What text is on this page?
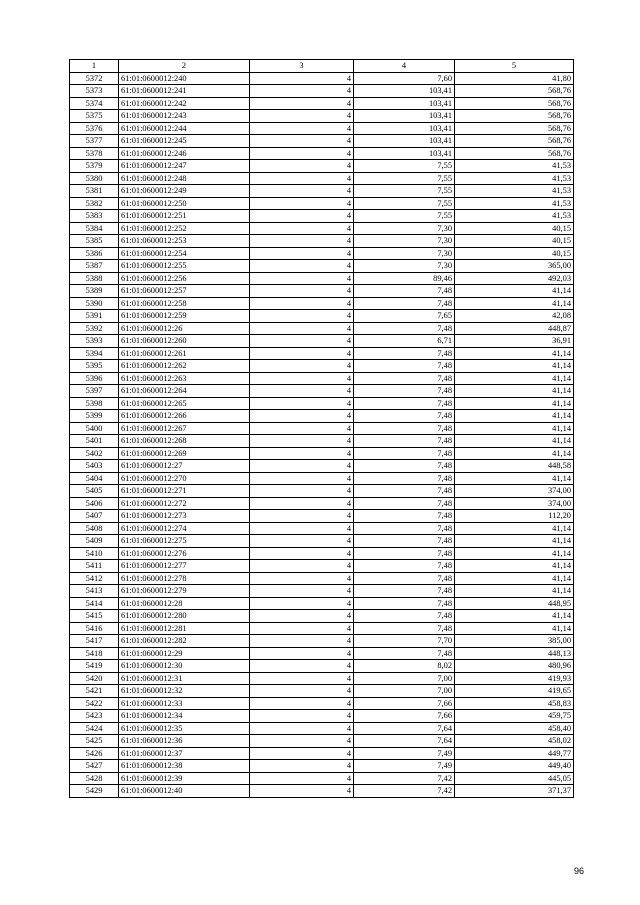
1	2	3	4	5
5372	61:01:0600012:240	4	7,60	41,80
5373	61:01:0600012:241	4	103,41	568,76
5374	61:01:0600012:242	4	103,41	568,76
5375	61:01:0600012:243	4	103,41	568,76
5376	61:01:0600012:244	4	103,41	568,76
5377	61:01:0600012:245	4	103,41	568,76
5378	61:01:0600012:246	4	103,41	568,76
5379	61:01:0600012:247	4	7,55	41,53
5380	61:01:0600012:248	4	7,55	41,53
5381	61:01:0600012:249	4	7,55	41,53
5382	61:01:0600012:250	4	7,55	41,53
5383	61:01:0600012:251	4	7,55	41,53
5384	61:01:0600012:252	4	7,30	40,15
5385	61:01:0600012:253	4	7,30	40,15
5386	61:01:0600012:254	4	7,30	40,15
5387	61:01:0600012:255	4	7,30	365,00
5388	61:01:0600012:256	4	89,46	492,03
5389	61:01:0600012:257	4	7,48	41,14
5390	61:01:0600012:258	4	7,48	41,14
5391	61:01:0600012:259	4	7,65	42,08
5392	61:01:0600012:26	4	7,48	448,87
5393	61:01:0600012:260	4	6,71	36,91
5394	61:01:0600012:261	4	7,48	41,14
5395	61:01:0600012:262	4	7,48	41,14
5396	61:01:0600012:263	4	7,48	41,14
5397	61:01:0600012:264	4	7,48	41,14
5398	61:01:0600012:265	4	7,48	41,14
5399	61:01:0600012:266	4	7,48	41,14
5400	61:01:0600012:267	4	7,48	41,14
5401	61:01:0600012:268	4	7,48	41,14
5402	61:01:0600012:269	4	7,48	41,14
5403	61:01:0600012:27	4	7,48	448,58
5404	61:01:0600012:270	4	7,48	41,14
5405	61:01:0600012:271	4	7,48	374,00
5406	61:01:0600012:272	4	7,48	374,00
5407	61:01:0600012:273	4	7,48	112,20
5408	61:01:0600012:274	4	7,48	41,14
5409	61:01:0600012:275	4	7,48	41,14
5410	61:01:0600012:276	4	7,48	41,14
5411	61:01:0600012:277	4	7,48	41,14
5412	61:01:0600012:278	4	7,48	41,14
5413	61:01:0600012:279	4	7,48	41,14
5414	61:01:0600012:28	4	7,48	448,95
5415	61:01:0600012:280	4	7,48	41,14
5416	61:01:0600012:281	4	7,48	41,14
5417	61:01:0600012:282	4	7,70	385,00
5418	61:01:0600012:29	4	7,48	448,13
5419	61:01:0600012:30	4	8,02	480,96
5420	61:01:0600012:31	4	7,00	419,93
5421	61:01:0600012:32	4	7,00	419,65
5422	61:01:0600012:33	4	7,66	458,83
5423	61:01:0600012:34	4	7,66	459,75
5424	61:01:0600012:35	4	7,64	458,40
5425	61:01:0600012:36	4	7,64	458,02
5426	61:01:0600012:37	4	7,49	449,77
5427	61:01:0600012:38	4	7,49	449,40
5428	61:01:0600012:39	4	7,42	445,05
5429	61:01:0600012:40	4	7,42	371,37
96
